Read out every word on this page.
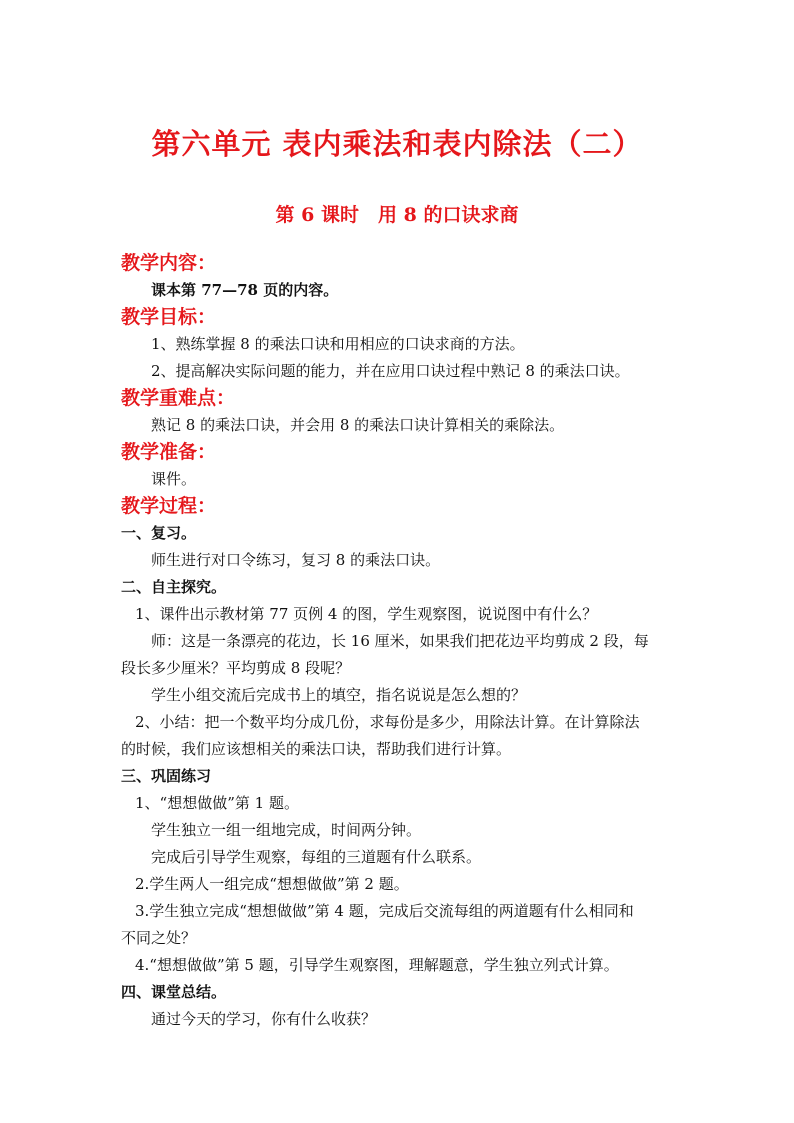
第六单元 表内乘法和表内除法（二）
第 6 课时　用 8 的口诀求商
教学内容：
课本第 77—78 页的内容。
教学目标：
1、熟练掌握 8 的乘法口诀和用相应的口诀求商的方法。
2、提高解决实际问题的能力，并在应用口诀过程中熟记 8 的乘法口诀。
教学重难点：
熟记 8 的乘法口诀，并会用 8 的乘法口诀计算相关的乘除法。
教学准备：
课件。
教学过程：
一、复习。
师生进行对口令练习，复习 8 的乘法口诀。
二、自主探究。
1、课件出示教材第 77 页例 4 的图，学生观察图，说说图中有什么？
师：这是一条漂亮的花边，长 16 厘米，如果我们把花边平均剪成 2 段，每
段长多少厘米？平均剪成 8 段呢？
学生小组交流后完成书上的填空，指名说说是怎么想的？
2、小结：把一个数平均分成几份，求每份是多少，用除法计算。在计算除法
的时候，我们应该想相关的乘法口诀，帮助我们进行计算。
三、巩固练习
1、“想想做做”第 1 题。
学生独立一组一组地完成，时间两分钟。
完成后引导学生观察，每组的三道题有什么联系。
2.学生两人一组完成“想想做做”第 2 题。
3.学生独立完成“想想做做”第 4 题，完成后交流每组的两道题有什么相同和
不同之处？
4.“想想做做”第 5 题，引导学生观察图，理解题意，学生独立列式计算。
四、课堂总结。
通过今天的学习，你有什么收获？
